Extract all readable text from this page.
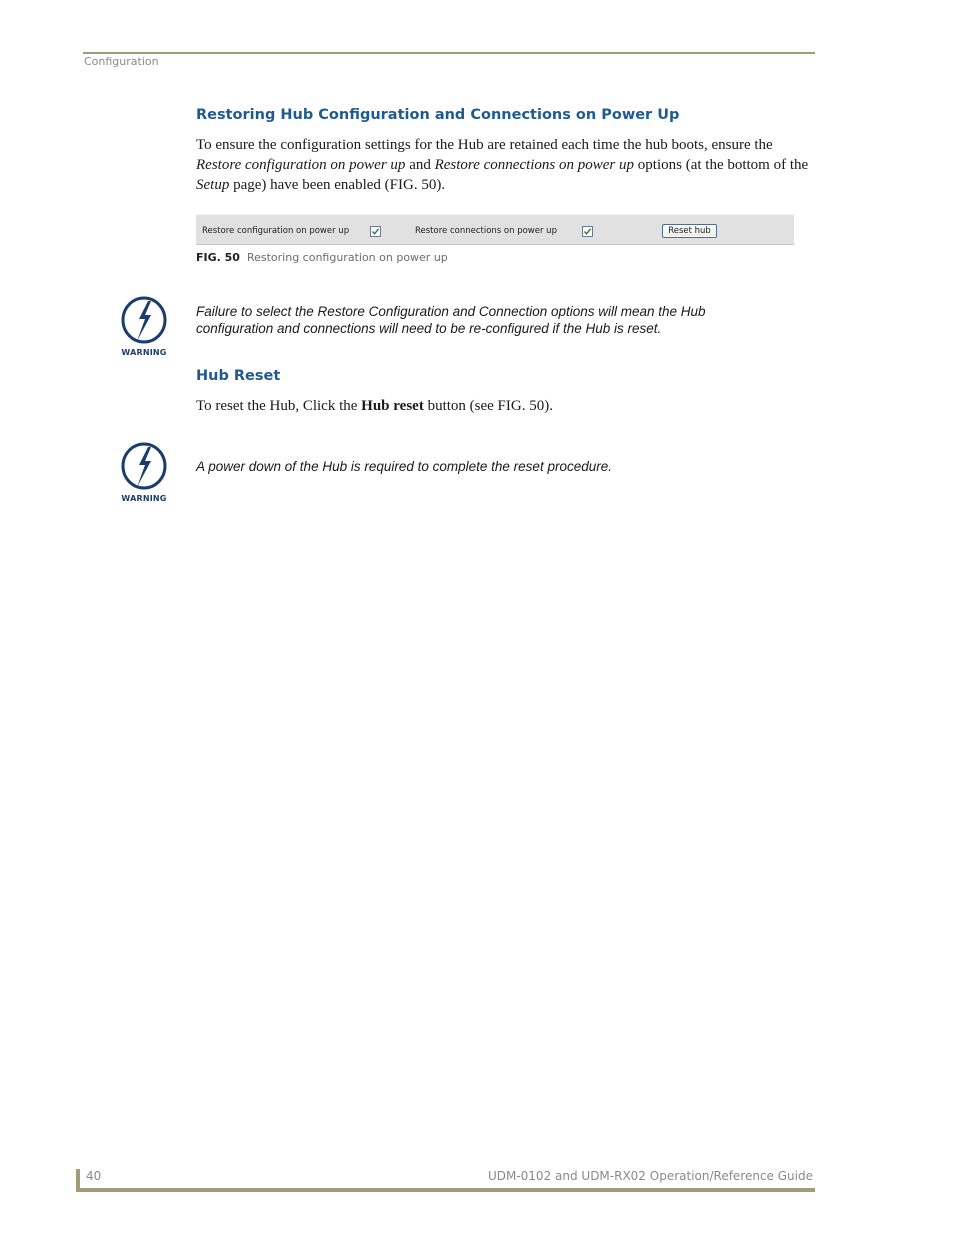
Configuration
Restoring Hub Configuration and Connections on Power Up
To ensure the configuration settings for the Hub are retained each time the hub boots, ensure the Restore configuration on power up and Restore connections on power up options (at the bottom of the Setup page) have been enabled (FIG. 50).
Restore configuration on power up	Restore connections on power up	Reset hub
FIG. 50 Restoring configuration on power up
WARNING
Failure to select the Restore Configuration and Connection options will mean the Hub configuration and connections will need to be re-configured if the Hub is reset.
Hub Reset
To reset the Hub, Click the Hub reset button (see FIG. 50).
WARNING
A power down of the Hub is required to complete the reset procedure.
40	UDM-0102 and UDM-RX02 Operation/Reference Guide
